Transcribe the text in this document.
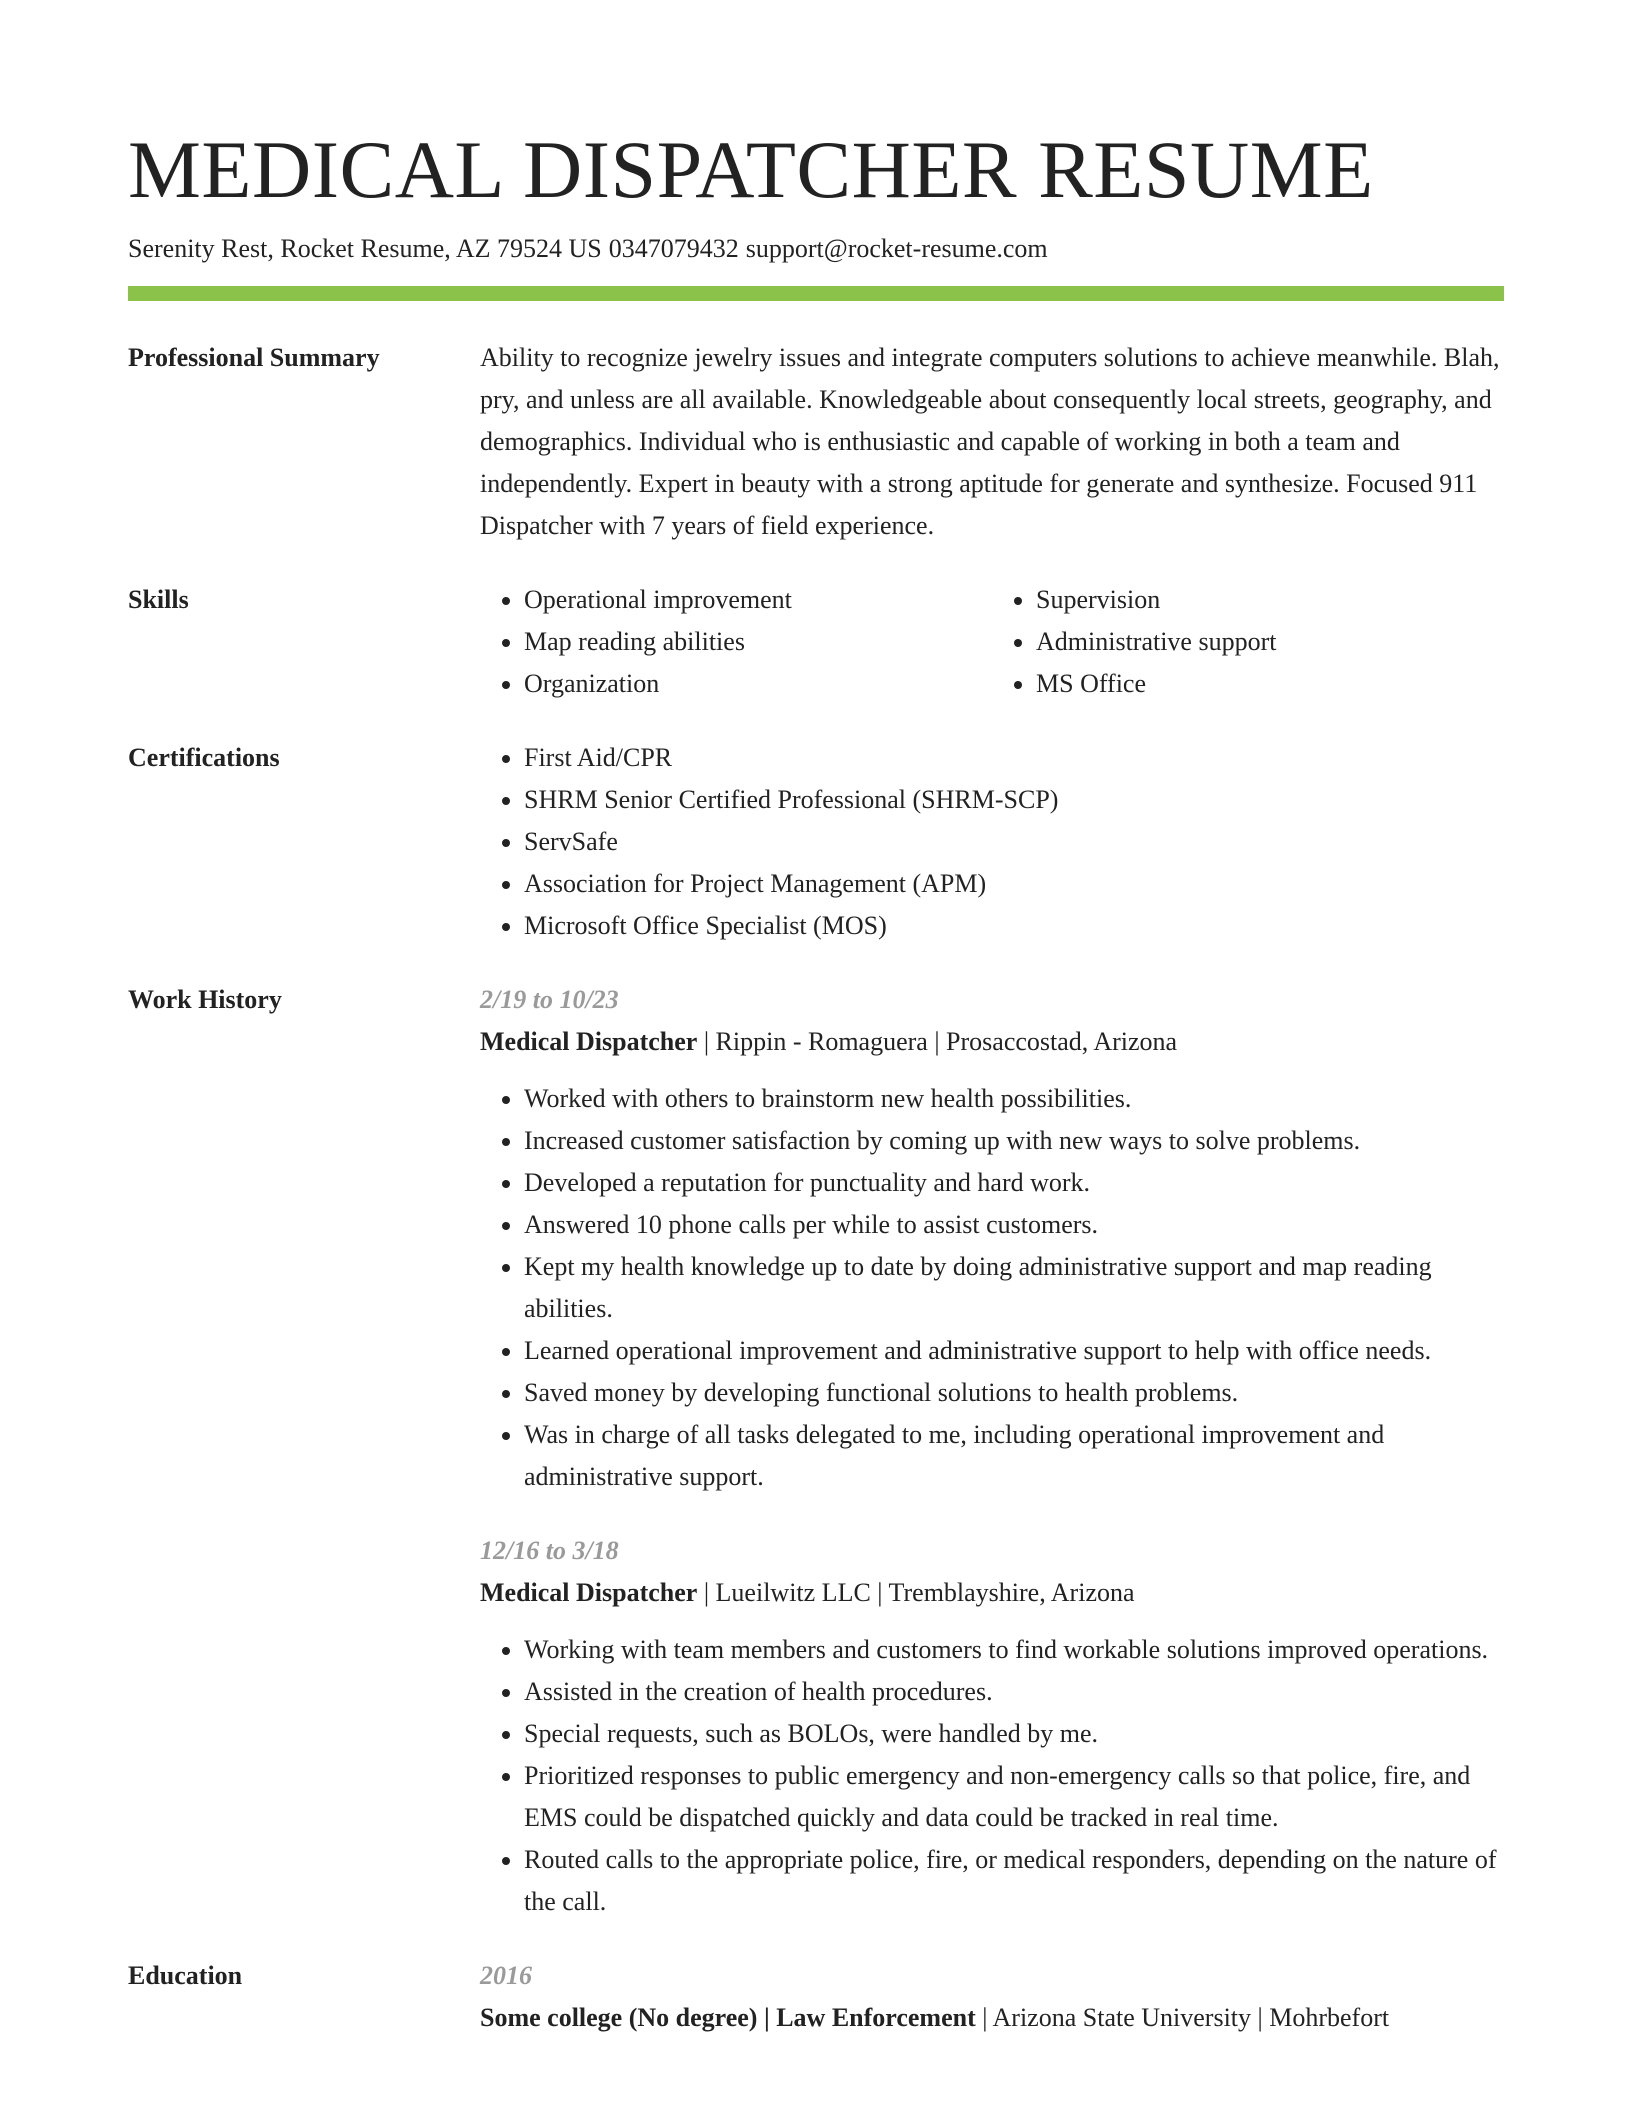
MEDICAL DISPATCHER RESUME
Serenity Rest, Rocket Resume, AZ 79524 US 0347079432 support@rocket-resume.com
Professional Summary	Ability to recognize jewelry issues and integrate computers solutions to achieve meanwhile. Blah, pry, and unless are all available. Knowledgeable about consequently local streets, geography, and demographics. Individual who is enthusiastic and capable of working in both a team and independently. Expert in beauty with a strong aptitude for generate and synthesize. Focused 911 Dispatcher with 7 years of field experience.

Skills	• Operational improvement
• Map reading abilities
• Organization
• Supervision
• Administrative support
• MS Office
Certifications	• First Aid/CPR
• SHRM Senior Certified Professional (SHRM-SCP)
• ServSafe
• Association for Project Management (APM)
• Microsoft Office Specialist (MOS)
Work History	2/19 to 10/23
Medical Dispatcher | Rippin - Romaguera | Prosaccostad, Arizona
• Worked with others to brainstorm new health possibilities.
• Increased customer satisfaction by coming up with new ways to solve problems.
• Developed a reputation for punctuality and hard work.
• Answered 10 phone calls per while to assist customers.
• Kept my health knowledge up to date by doing administrative support and map reading abilities.
• Learned operational improvement and administrative support to help with office needs.
• Saved money by developing functional solutions to health problems.
• Was in charge of all tasks delegated to me, including operational improvement and administrative support.
12/16 to 3/18
Medical Dispatcher | Lueilwitz LLC | Tremblayshire, Arizona
• Working with team members and customers to find workable solutions improved operations.
• Assisted in the creation of health procedures.
• Special requests, such as BOLOs, were handled by me.
• Prioritized responses to public emergency and non-emergency calls so that police, fire, and EMS could be dispatched quickly and data could be tracked in real time.
• Routed calls to the appropriate police, fire, or medical responders, depending on the nature of the call.
Education	2016
Some college (No degree) | Law Enforcement | Arizona State University | Mohrbefort
